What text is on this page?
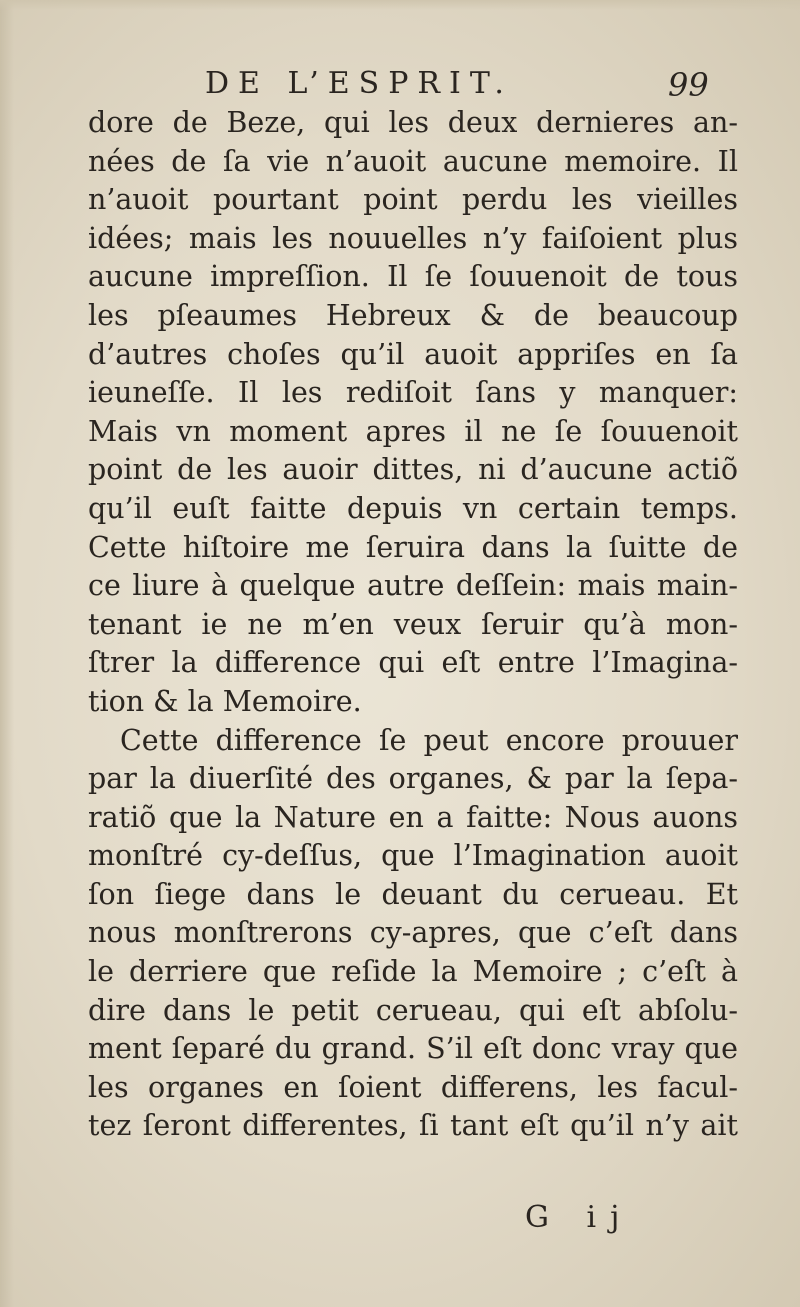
DE L’ESPRIT.	99
dore de Beze, qui les deux dernieres an-
nées de ſa vie n’auoit aucune memoire. Il
n’auoit pourtant point perdu les vieilles
idées; mais les nouuelles n’y faiſoient plus
aucune impreſſion. Il ſe ſouuenoit de tous
les pſeaumes Hebreux & de beaucoup
d’autres choſes qu’il auoit appriſes en ſa
ieuneſſe. Il les rediſoit ſans y manquer:
Mais vn moment apres il ne ſe ſouuenoit
point de les auoir dittes, ni d’aucune actiõ
qu’il euſt faitte depuis vn certain temps.
Cette hiſtoire me ſeruira dans la ſuitte de
ce liure à quelque autre deſſein: mais main-
tenant ie ne m’en veux ſeruir qu’à mon-
ſtrer la difference qui eſt entre l’Imagina-
tion & la Memoire.
Cette difference ſe peut encore prouuer
par la diuerſité des organes, & par la ſepa-
ratiõ que la Nature en a faitte: Nous auons
monſtré cy-deſſus, que l’Imagination auoit
ſon ſiege dans le deuant du cerueau. Et
nous monſtrerons cy-apres, que c’eſt dans
le derriere que reſide la Memoire ; c’eſt à
dire dans le petit cerueau, qui eſt abſolu-
ment ſeparé du grand. S’il eſt donc vray que
les organes en ſoient differens, les facul-
tez ſeront differentes, ſi tant eſt qu’il n’y ait
G ij
